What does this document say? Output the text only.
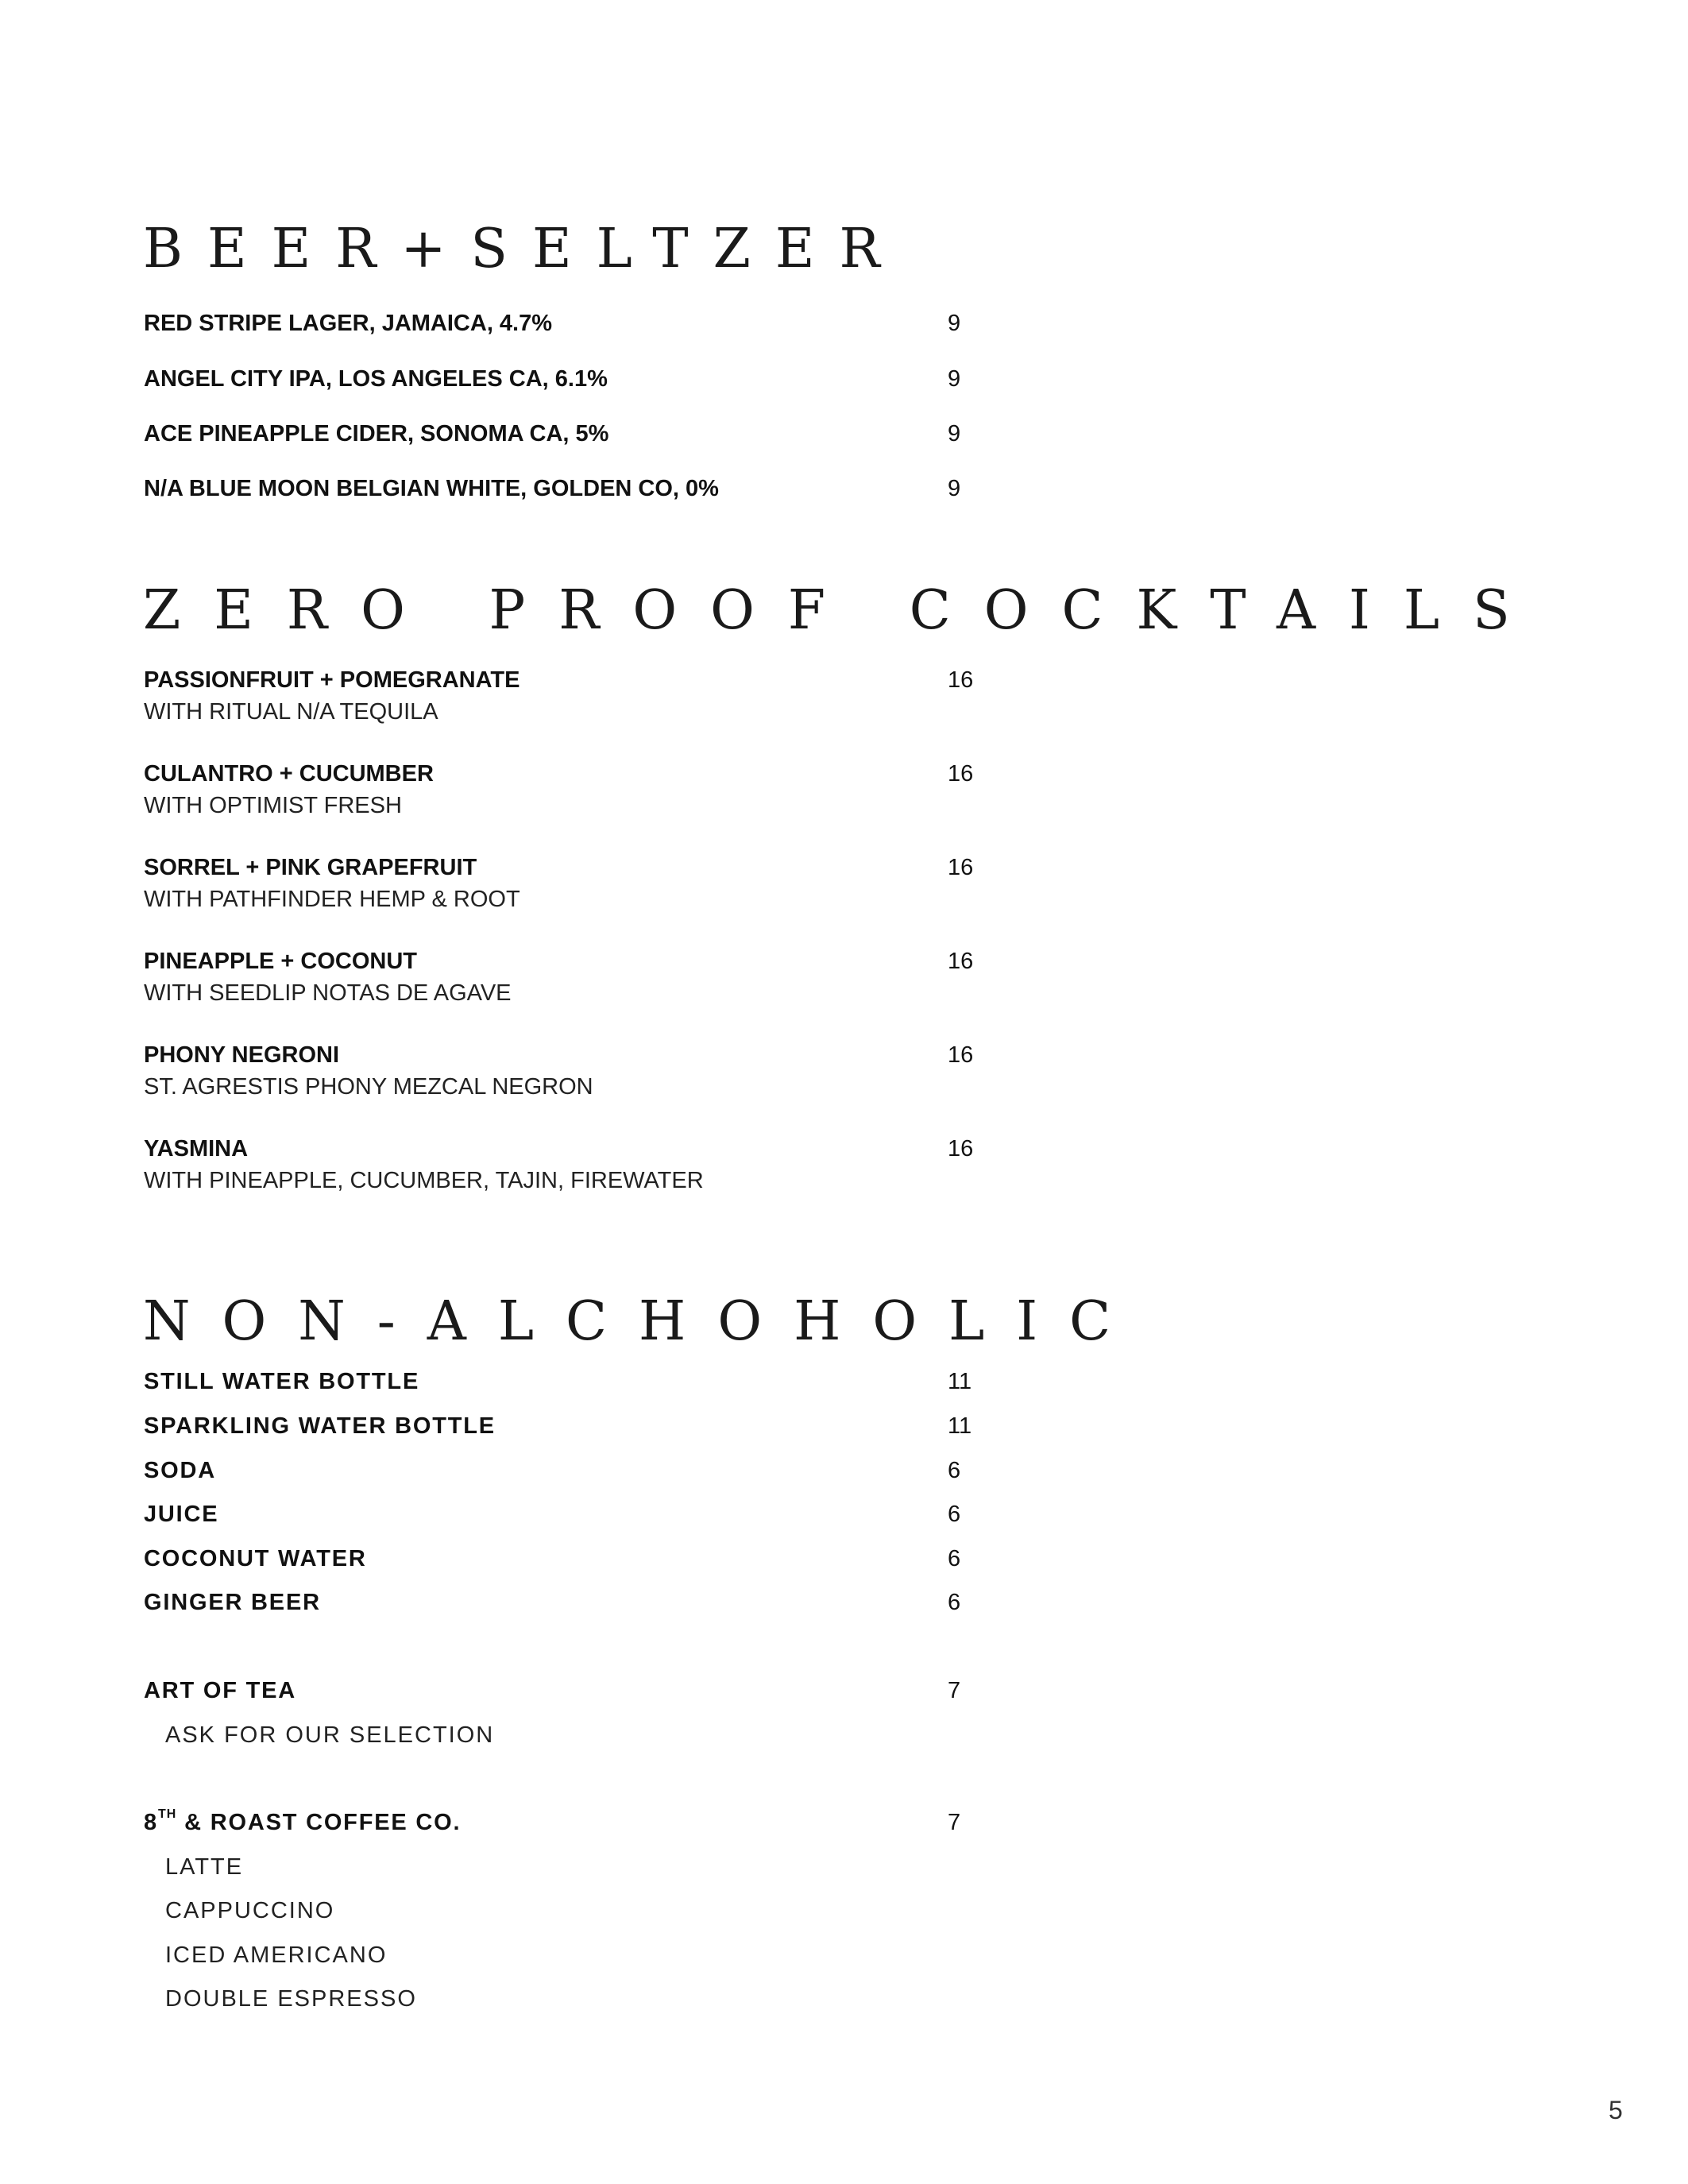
BEER+SELTZER
RED STRIPE LAGER, JAMAICA, 4.7%	9
ANGEL CITY IPA, LOS ANGELES CA, 6.1%	9
ACE PINEAPPLE CIDER, SONOMA CA, 5%	9
N/A BLUE MOON BELGIAN WHITE, GOLDEN CO, 0%	9
ZERO PROOF COCKTAILS
PASSIONFRUIT + POMEGRANATE	16
WITH RITUAL N/A TEQUILA
CULANTRO + CUCUMBER	16
WITH OPTIMIST FRESH
SORREL + PINK GRAPEFRUIT	16
WITH PATHFINDER HEMP & ROOT
PINEAPPLE + COCONUT	16
WITH SEEDLIP NOTAS DE AGAVE
PHONY NEGRONI	16
ST. AGRESTIS PHONY MEZCAL NEGRON
YASMINA	16
WITH PINEAPPLE, CUCUMBER, TAJIN, FIREWATER
NON-ALCHOHOLIC
STILL WATER BOTTLE	11
SPARKLING WATER BOTTLE	11
SODA	6
JUICE	6
COCONUT WATER	6
GINGER BEER	6
ART OF TEA	7
ASK FOR OUR SELECTION
8TH & ROAST COFFEE CO.	7
LATTE
CAPPUCCINO
ICED AMERICANO
DOUBLE ESPRESSO
5
